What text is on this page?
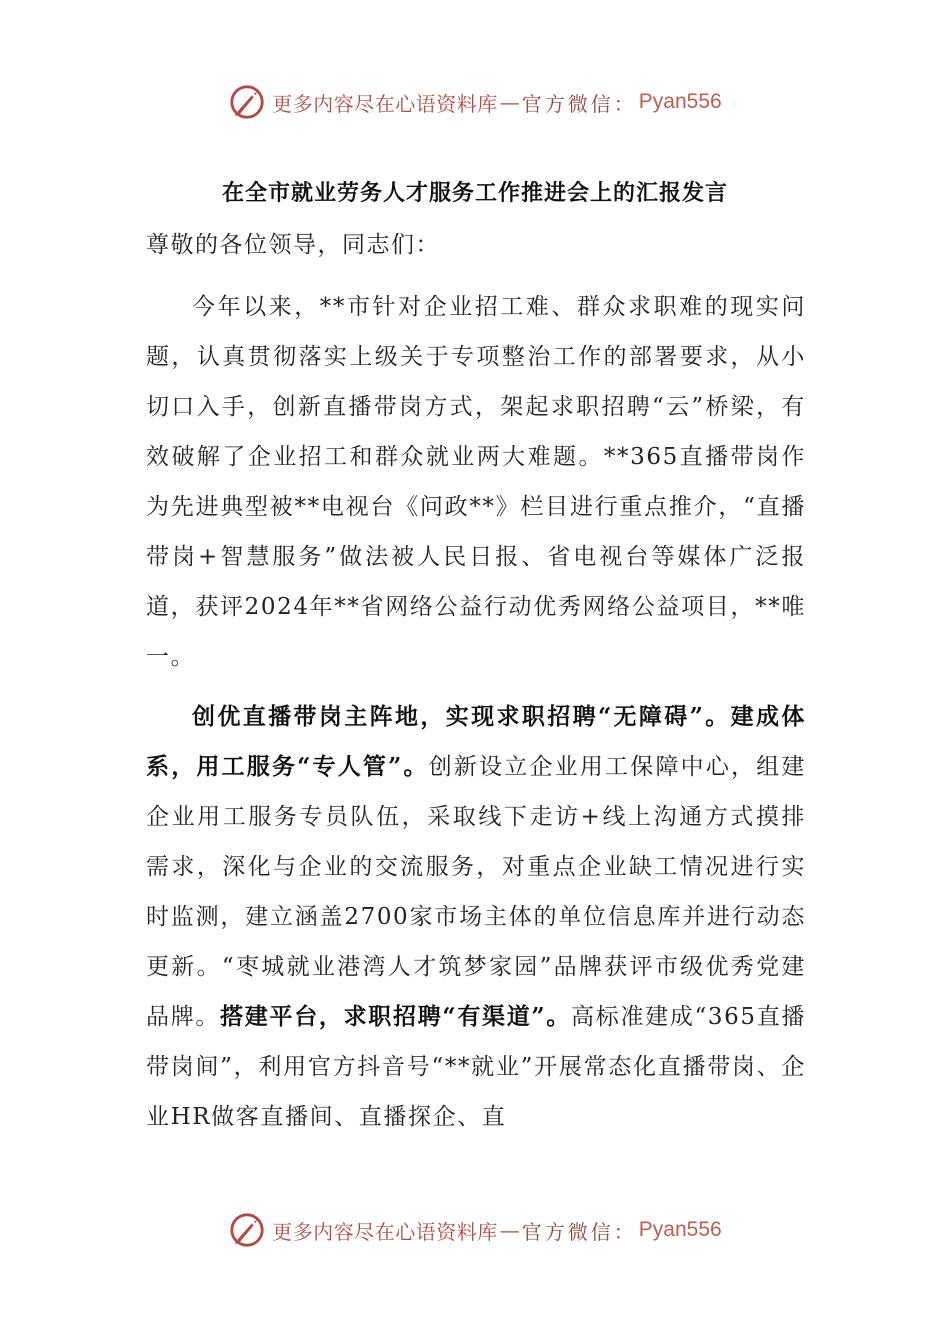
更多内容尽在心语资料库 — 官方微信： Pyan556
在全市就业劳务人才服务工作推进会上的汇报发言

尊敬的各位领导，同志们：

今年以来，**市针对企业招工难、群众求职难的现实问题，认真贯彻落实上级关于专项整治工作的部署要求，从小切口入手，创新直播带岗方式，架起求职招聘“云”桥梁，有效破解了企业招工和群众就业两大难题。**365直播带岗作为先进典型被**电视台《问政**》栏目进行重点推介，“直播带岗+智慧服务”做法被人民日报、省电视台等媒体广泛报道，获评2024年**省网络公益行动优秀网络公益项目，**唯一。

创优直播带岗主阵地，实现求职招聘“无障碍”。建成体系，用工服务“专人管”。创新设立企业用工保障中心，组建企业用工服务专员队伍，采取线下走访+线上沟通方式摸排需求，深化与企业的交流服务，对重点企业缺工情况进行实时监测，建立涵盖2700家市场主体的单位信息库并进行动态更新。“枣城就业港湾人才筑梦家园”品牌获评市级优秀党建品牌。搭建平台，求职招聘“有渠道”。高标准建成“365直播带岗间”，利用官方抖音号“**就业”开展常态化直播带岗、企业HR做客直播间、直播探企、直

更多内容尽在心语资料库 — 官方微信： Pyan556
